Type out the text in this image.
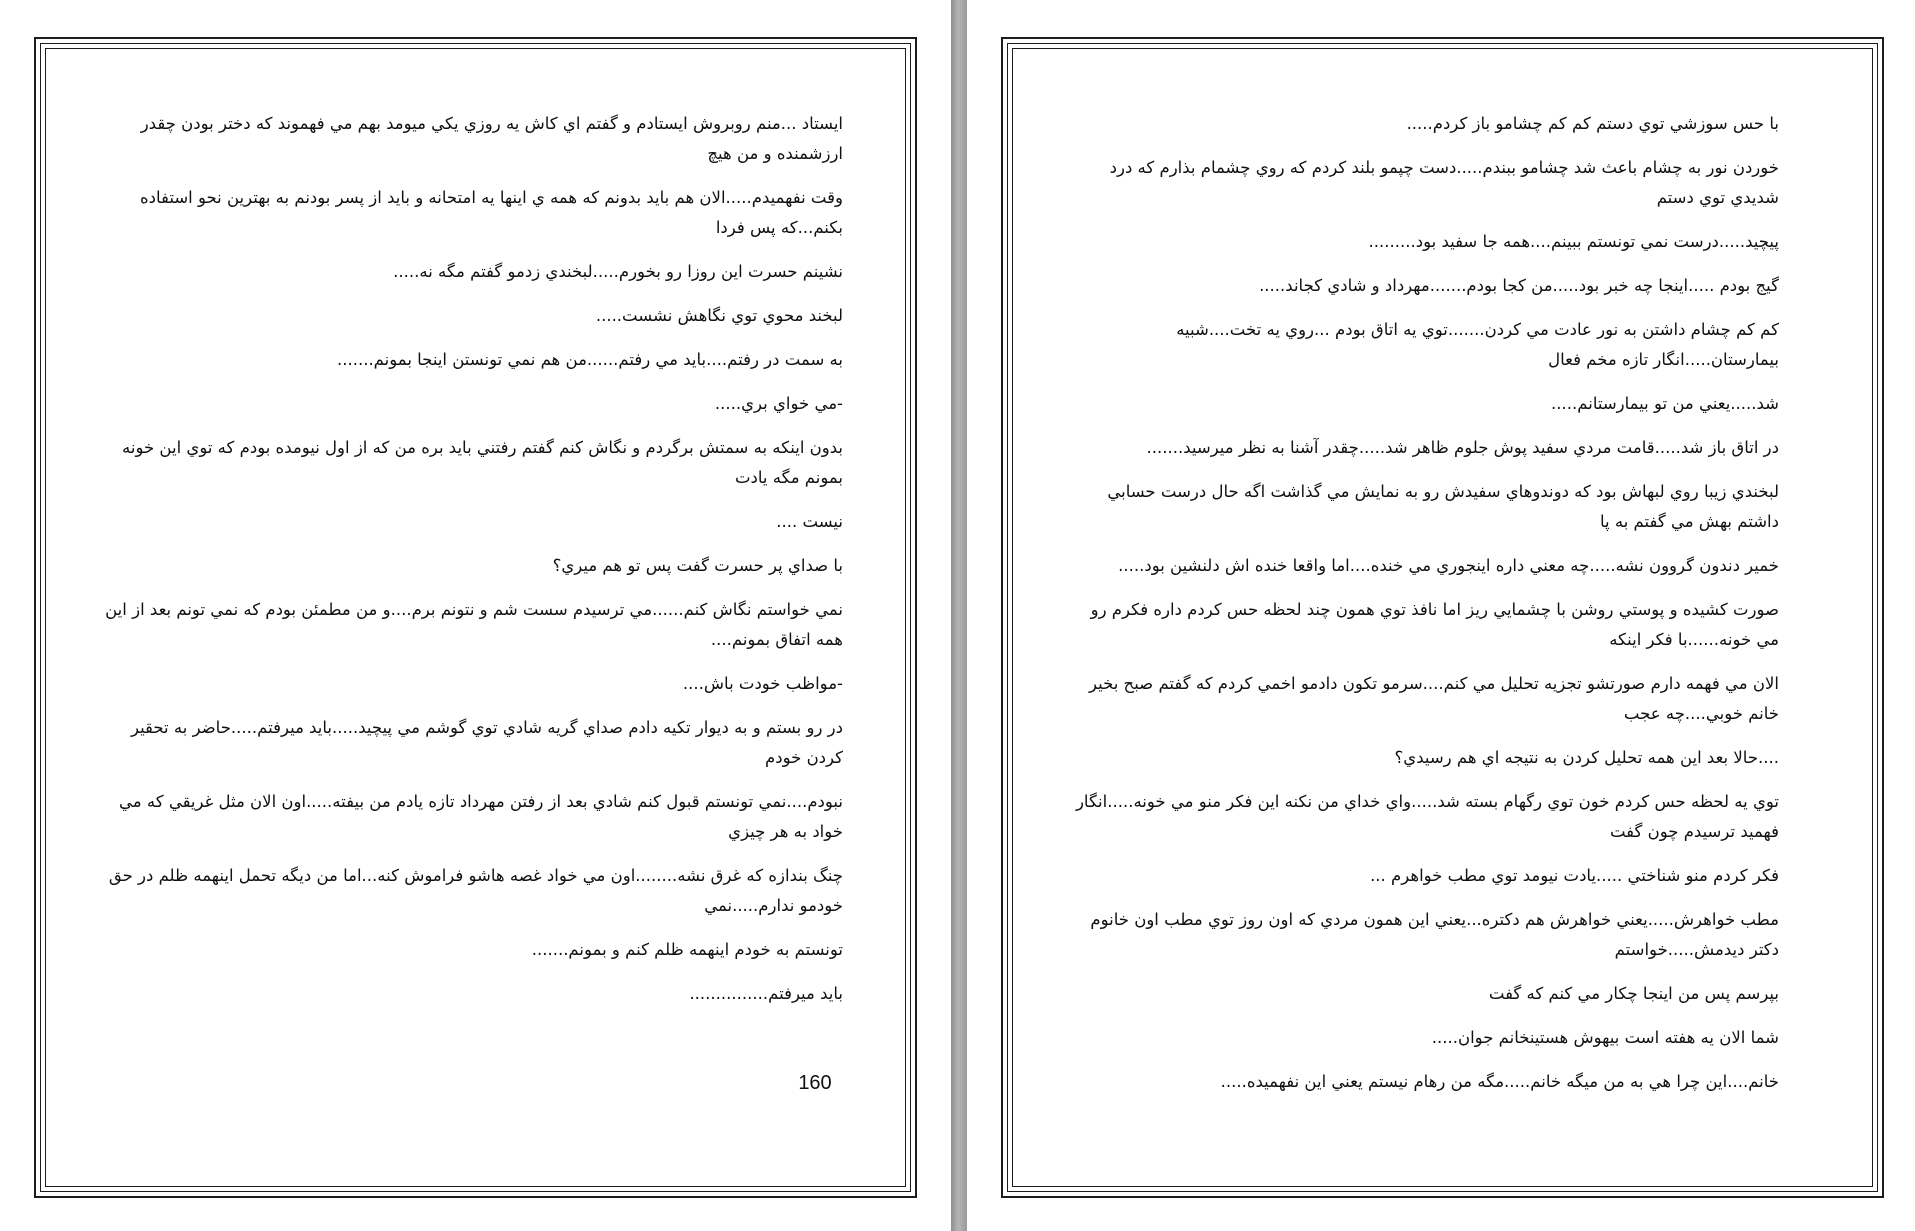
ايستاد ...منم روبروش ايستادم و گفتم اي كاش يه روزي يكي ميومد بهم مي فهموند كه دختر بودن چقدر ارزشمنده و من هيچ

وقت نفهميدم.....الان هم بايد بدونم كه همه ي اينها يه امتحانه و بايد از پسر بودنم به بهترين نحو استفاده بكنم...كه پس فردا

نشينم حسرت اين روزا رو بخورم.....لبخندي زدمو گفتم مگه نه.....

لبخند محوي توي نگاهش نشست.....

به سمت در رفتم....بايد مي رفتم......من هم نمي تونستن اينجا بمونم.......

-مي خواي بري.....

بدون اينكه به سمتش برگردم و نگاش كنم گفتم رفتني بايد بره من كه از اول نيومده بودم كه توي اين خونه بمونم مگه يادت

نيست ....

با صداي پر حسرت گفت پس تو هم ميري؟

نمي خواستم نگاش كنم......مي ترسيدم سست شم و نتونم برم....و من مطمئن بودم كه نمي تونم بعد از اين همه اتفاق بمونم....

-مواظب خودت باش....

در رو بستم و به ديوار تكيه دادم صداي گريه شادي توي گوشم مي پيچيد.....بايد ميرفتم.....حاضر به تحقير كردن خودم

نبودم....نمي تونستم قبول كنم شادي بعد از رفتن مهرداد تازه يادم من بيفته.....اون الان مثل غريقي كه مي خواد به هر چيزي

چنگ بندازه كه غرق نشه........اون مي خواد غصه هاشو فراموش كنه...اما من ديگه تحمل اينهمه ظلم در حق خودمو ندارم.....نمي

تونستم به خودم اينهمه ظلم كنم و بمونم.......

بايد ميرفتم...............

160

با حس سوزشي توي دستم كم كم چشامو باز كردم.....

خوردن نور به چشام باعث شد چشامو ببندم.....دست چپمو بلند كردم كه روي چشمام بذارم كه درد شديدي توي دستم

پيچيد.....درست نمي تونستم ببينم....همه جا سفيد بود.........

گيج بودم .....اينجا چه خبر بود.....من كجا بودم.......مهرداد و شادي كجاند.....

كم كم چشام داشتن به نور عادت مي كردن.......توي يه اتاق بودم ...روي يه تخت....شبيه بيمارستان.....انگار تازه مخم فعال

شد.....يعني من تو بيمارستانم.....

در اتاق باز شد.....قامت مردي سفيد پوش جلوم ظاهر شد.....چقدر آشنا به نظر ميرسيد.......

لبخندي زيبا روي لبهاش بود كه دوندوهاي سفيدش رو به نمايش مي گذاشت اگه حال درست حسابي داشتم بهش مي گفتم به پا

خمير دندون گروون نشه.....چه معني داره اينجوري مي خنده....اما واقعا خنده اش دلنشين بود.....

صورت كشيده و پوستي روشن با چشمايي ريز اما نافذ توي همون چند لحظه حس كردم داره فكرم رو مي خونه......با فكر اينكه

الان مي فهمه دارم صورتشو تجزيه تحليل مي كنم....سرمو تكون دادمو اخمي كردم كه گفتم صبح بخير خانم خوبي....چه عجب

....حالا بعد اين همه تحليل كردن به نتيجه اي هم رسيدي؟

توي يه لحظه حس كردم خون توي رگهام بسته شد.....واي خداي من نكنه اين فكر منو مي خونه.....انگار فهميد ترسيدم چون گفت

فكر كردم منو شناختي .....يادت نيومد توي مطب خواهرم ...

مطب خواهرش.....يعني خواهرش هم دكتره...يعني اين همون مردي كه اون روز توي مطب اون خانوم دكتر ديدمش.....خواستم

بپرسم پس من اينجا چكار مي كنم كه گفت

شما الان يه هفته است بيهوش هستينخانم جوان.....

خانم....اين چرا هي به من ميگه خانم.....مگه من رهام نيستم يعني اين نفهميده.....
